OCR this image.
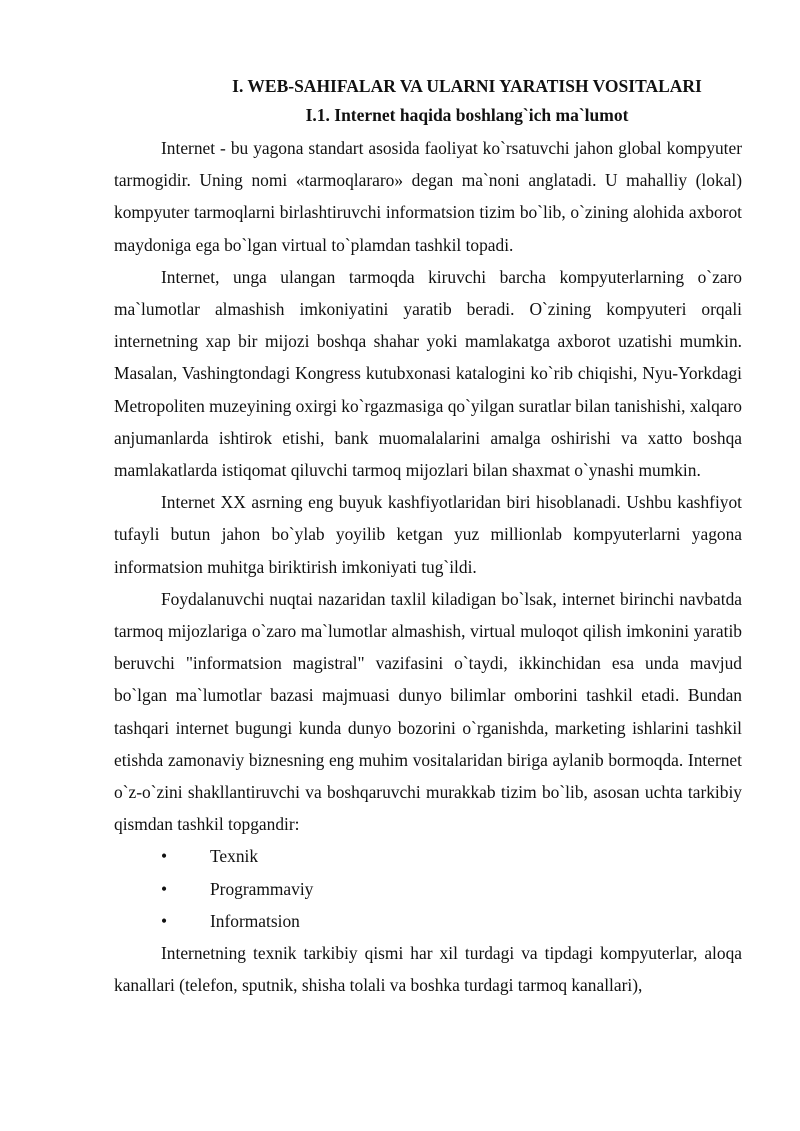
I. WEB-SAHIFALAR VA ULARNI YARATISH VOSITALARI
I.1. Internet haqida boshlang`ich ma`lumot

Internet - bu yagona standart asosida faoliyat ko`rsatuvchi jahon global kompyuter tarmogidir. Uning nomi «tarmoqlararo» degan ma`noni anglatadi. U mahalliy (lokal) kompyuter tarmoqlarni birlashtiruvchi informatsion tizim bo`lib, o`zining alohida axborot maydoniga ega bo`lgan virtual to`plamdan tashkil topadi.

Internet, unga ulangan tarmoqda kiruvchi barcha kompyuterlarning o`zaro ma`lumotlar almashish imkoniyatini yaratib beradi. O`zining kompyuteri orqali internetning xap bir mijozi boshqa shahar yoki mamlakatga axborot uzatishi mumkin. Masalan, Vashingtondagi Kongress kutubxonasi katalogini ko`rib chiqishi, Nyu-Yorkdagi Metropoliten muzeyining oxirgi ko`rgazmasiga qo`yilgan suratlar bilan tanishishi, xalqaro anjumanlarda ishtirok etishi, bank muomalalarini amalga oshirishi va xatto boshqa mamlakatlarda istiqomat qiluvchi tarmoq mijozlari bilan shaxmat o`ynashi mumkin.

Internet XX asrning eng buyuk kashfiyotlaridan biri hisoblanadi. Ushbu kashfiyot tufayli butun jahon bo`ylab yoyilib ketgan yuz millionlab kompyuterlarni yagona informatsion muhitga biriktirish imkoniyati tug`ildi.

Foydalanuvchi nuqtai nazaridan taxlil kiladigan bo`lsak, internet birinchi navbatda tarmoq mijozlariga o`zaro ma`lumotlar almashish, virtual muloqot qilish imkonini yaratib beruvchi "informatsion magistral" vazifasini o`taydi, ikkinchidan esa unda mavjud bo`lgan ma`lumotlar bazasi majmuasi dunyo bilimlar omborini tashkil etadi. Bundan tashqari internet bugungi kunda dunyo bozorini o`rganishda, marketing ishlarini tashkil etishda zamonaviy biznesning eng muhim vositalaridan biriga aylanib bormoqda. Internet o`z-o`zini shakllantiruvchi va boshqaruvchi murakkab tizim bo`lib, asosan uchta tarkibiy qismdan tashkil topgandir:

• Texnik
• Programmaviy
• Informatsion

Internetning texnik tarkibiy qismi har xil turdagi va tipdagi kompyuterlar, aloqa kanallari (telefon, sputnik, shisha tolali va boshka turdagi tarmoq kanallari),
